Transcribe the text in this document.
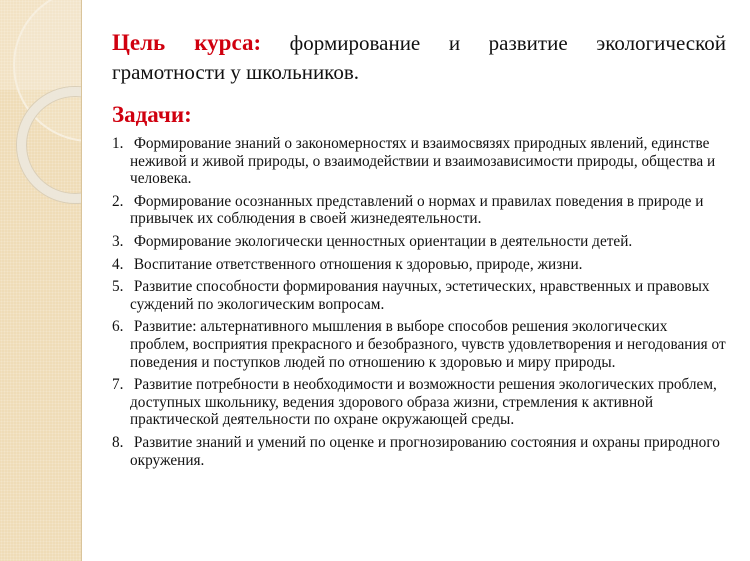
Цель курса: формирование и развитие экологической грамотности у школьников.
Задачи:
1. Формирование знаний о закономерностях и взаимосвязях природных явлений, единстве неживой и живой природы, о взаимодействии и взаимозависимости природы, общества и человека.
2. Формирование осознанных представлений о нормах и правилах поведения в природе и привычек их соблюдения в своей жизнедеятельности.
3. Формирование экологически ценностных ориентации в деятельности детей.
4. Воспитание ответственного отношения к здоровью, природе, жизни.
5. Развитие способности формирования научных, эстетических, нравственных и правовых суждений по экологическим вопросам.
6. Развитие: альтернативного мышления в выборе способов решения экологических проблем, восприятия прекрасного и безобразного, чувств удовлетворения и негодования от поведения и поступков людей по отношению к здоровью и миру природы.
7. Развитие потребности в необходимости и возможности решения экологических проблем, доступных школьнику, ведения здорового образа жизни, стремления к активной практической деятельности по охране окружающей среды.
8. Развитие знаний и умений по оценке и прогнозированию состояния и охраны природного окружения.
